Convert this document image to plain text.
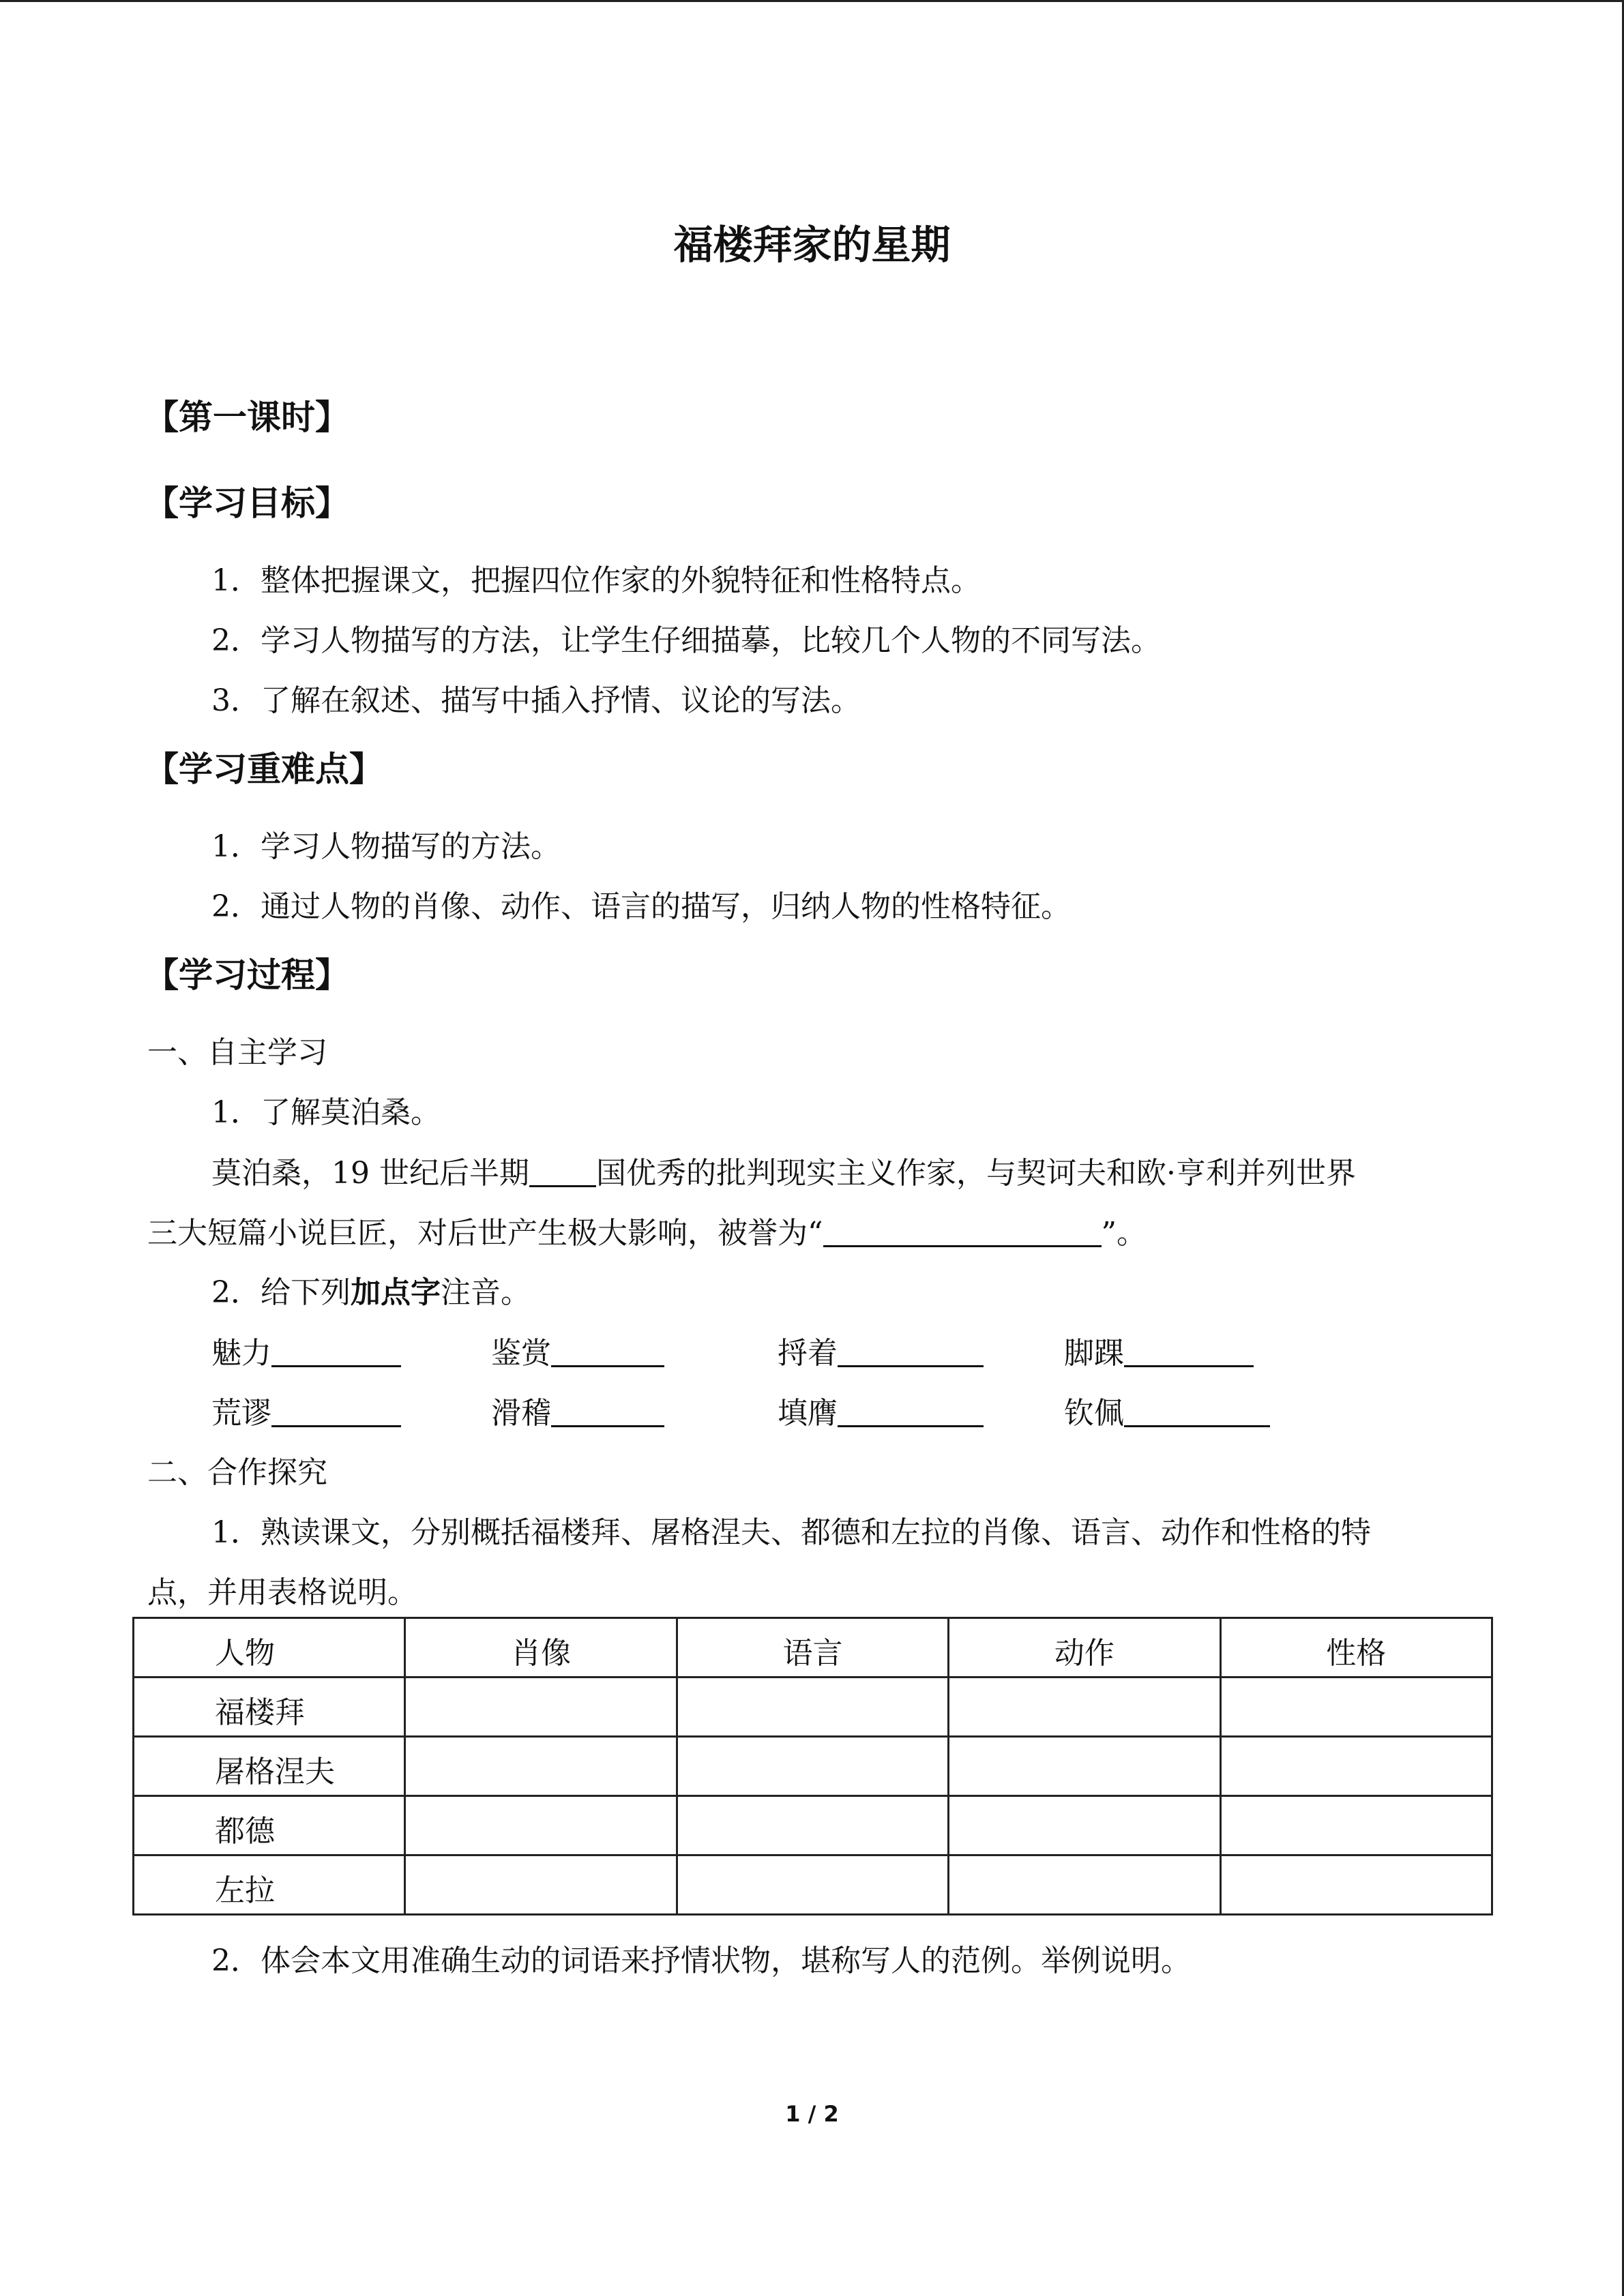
福楼拜家的星期
【第一课时】
【学习目标】
1．整体把握课文，把握四位作家的外貌特征和性格特点。
2．学习人物描写的方法，让学生仔细描摹，比较几个人物的不同写法。
3．了解在叙述、描写中插入抒情、议论的写法。
【学习重难点】
1．学习人物描写的方法。
2．通过人物的肖像、动作、语言的描写，归纳人物的性格特征。
【学习过程】
一、自主学习
1．了解莫泊桑。
莫泊桑，19 世纪后半期 国优秀的批判现实主义作家，与契诃夫和欧·亨利并列世界
三大短篇小说巨匠，对后世产生极大影响，被誉为“	”。
2．给下列加点字注音。
魅力	鉴赏	捋着	脚踝
荒谬	滑稽	填膺	钦佩
二、合作探究
1．熟读课文，分别概括福楼拜、屠格涅夫、都德和左拉的肖像、语言、动作和性格的特
点，并用表格说明。
人物	肖像	语言	动作	性格

福楼拜				

屠格涅夫				

都德				

左拉				

2．体会本文用准确生动的词语来抒情状物，堪称写人的范例。举例说明。
1 / 2
